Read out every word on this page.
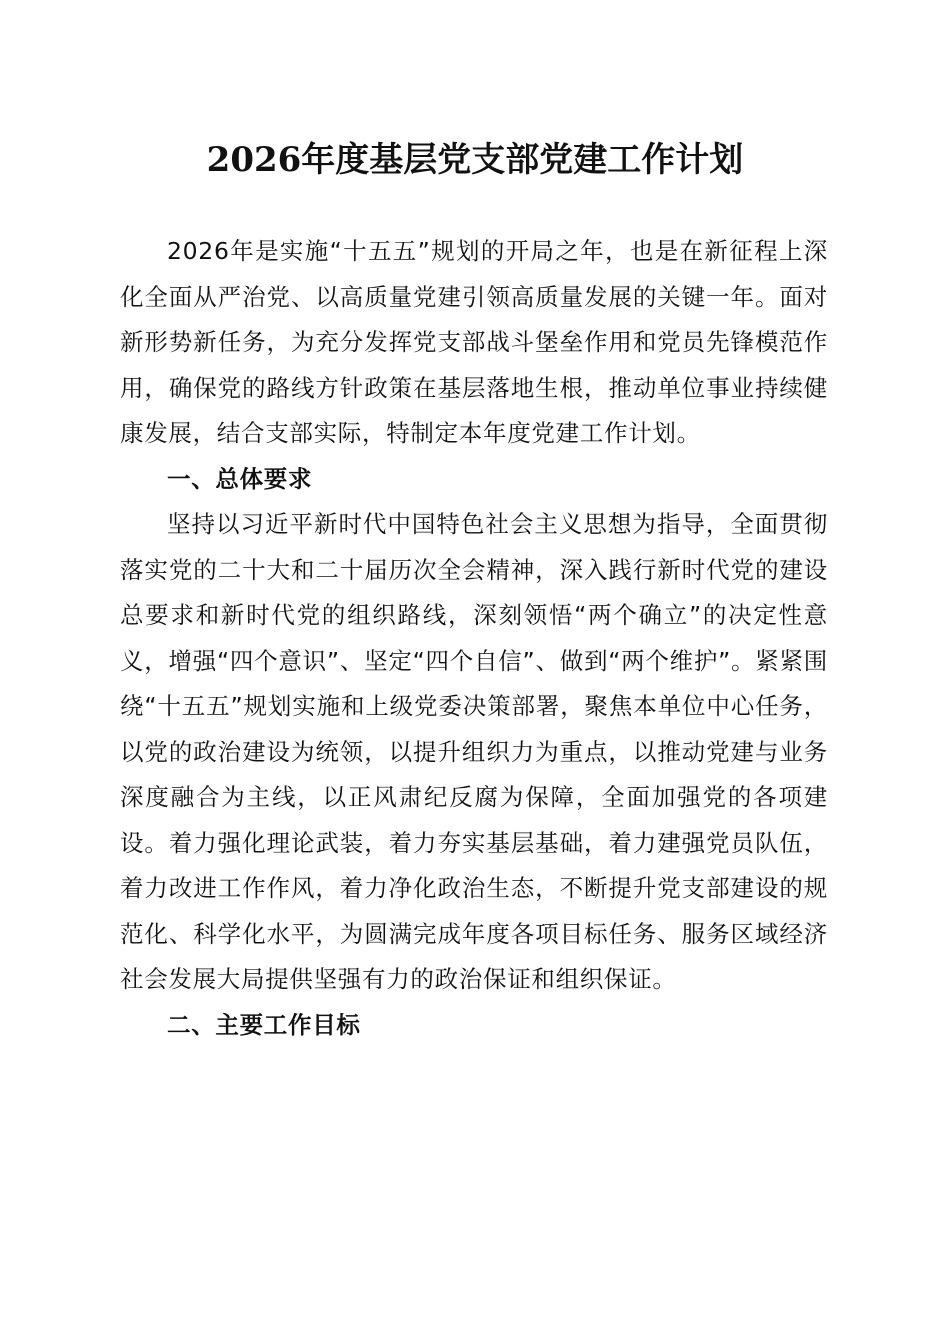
2026年度基层党支部党建工作计划

2026年是实施“十五五”规划的开局之年，也是在新征程上深化全面从严治党、以高质量党建引领高质量发展的关键一年。面对新形势新任务，为充分发挥党支部战斗堡垒作用和党员先锋模范作用，确保党的路线方针政策在基层落地生根，推动单位事业持续健康发展，结合支部实际，特制定本年度党建工作计划。

一、总体要求

坚持以习近平新时代中国特色社会主义思想为指导，全面贯彻落实党的二十大和二十届历次全会精神，深入践行新时代党的建设总要求和新时代党的组织路线，深刻领悟“两个确立”的决定性意义，增强“四个意识”、坚定“四个自信”、做到“两个维护”。紧紧围绕“十五五”规划实施和上级党委决策部署，聚焦本单位中心任务，以党的政治建设为统领，以提升组织力为重点，以推动党建与业务深度融合为主线，以正风肃纪反腐为保障，全面加强党的各项建设。着力强化理论武装，着力夯实基层基础，着力建强党员队伍，着力改进工作作风，着力净化政治生态，不断提升党支部建设的规范化、科学化水平，为圆满完成年度各项目标任务、服务区域经济社会发展大局提供坚强有力的政治保证和组织保证。

二、主要工作目标
